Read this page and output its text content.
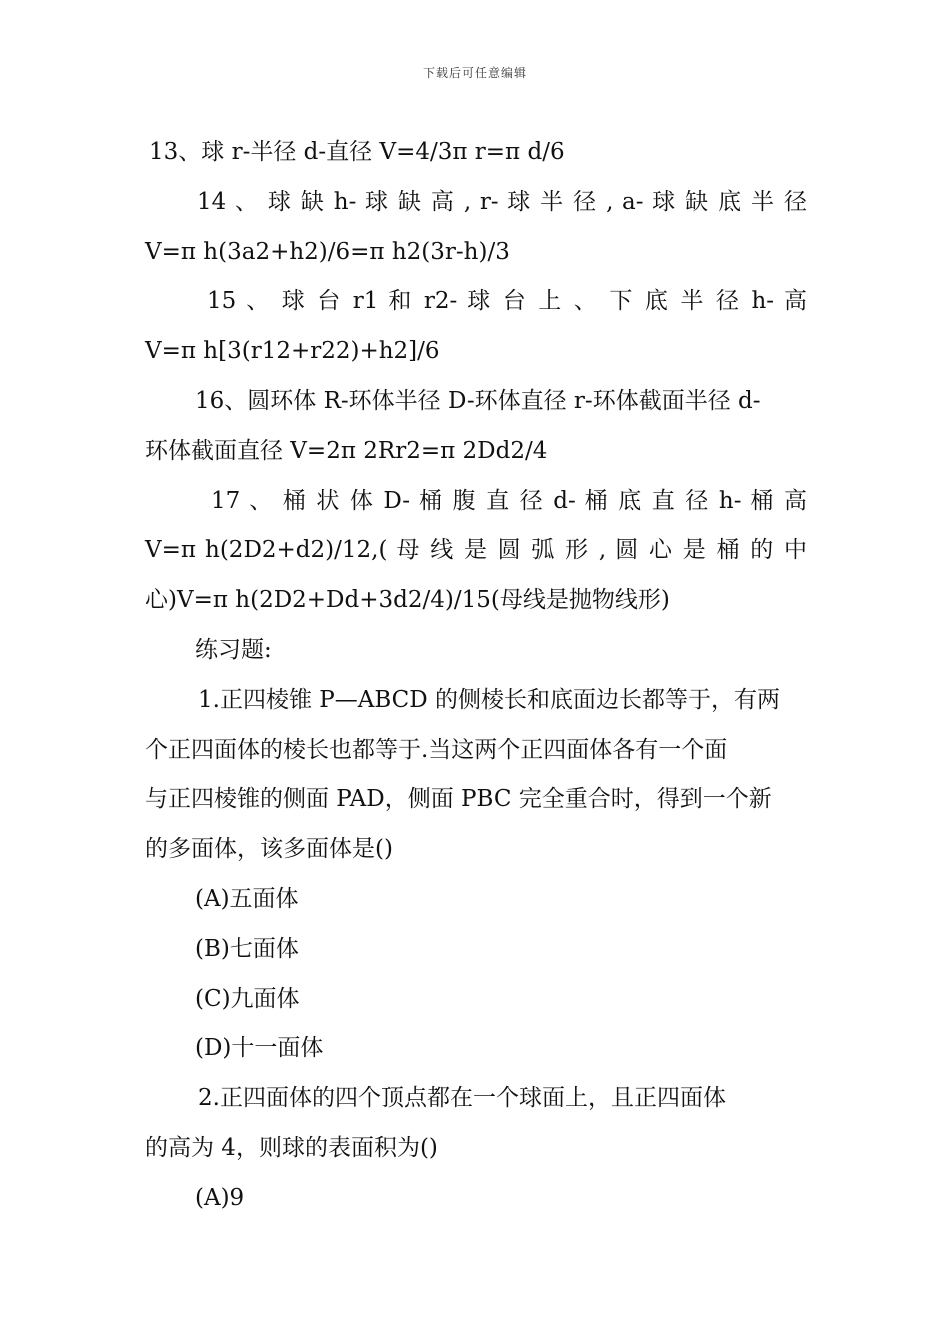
下载后可任意编辑
13、球 r-半径 d-直径 V=4/3π r=π d/6
14 、 球 缺 h- 球 缺 高 , r- 球 半 径 , a- 球 缺 底 半 径
V=π h(3a2+h2)/6=π h2(3r-h)/3
15 、 球 台 r1 和 r2- 球 台 上 、 下 底 半 径 h- 高
V=π h[3(r12+r22)+h2]/6
16、圆环体 R-环体半径 D-环体直径 r-环体截面半径 d-
环体截面直径 V=2π 2Rr2=π 2Dd2/4
17 、 桶 状 体 D- 桶 腹 直 径 d- 桶 底 直 径 h- 桶 高
V=π h(2D2+d2)/12,( 母 线 是 圆 弧 形 , 圆 心 是 桶 的 中
心)V=π h(2D2+Dd+3d2/4)/15(母线是抛物线形)
练习题:
1.正四棱锥 P—ABCD 的侧棱长和底面边长都等于，有两
个正四面体的棱长也都等于.当这两个正四面体各有一个面
与正四棱锥的侧面 PAD，侧面 PBC 完全重合时，得到一个新
的多面体，该多面体是()
(A)五面体
(B)七面体
(C)九面体
(D)十一面体
2.正四面体的四个顶点都在一个球面上，且正四面体
的高为 4，则球的表面积为()
(A)9
